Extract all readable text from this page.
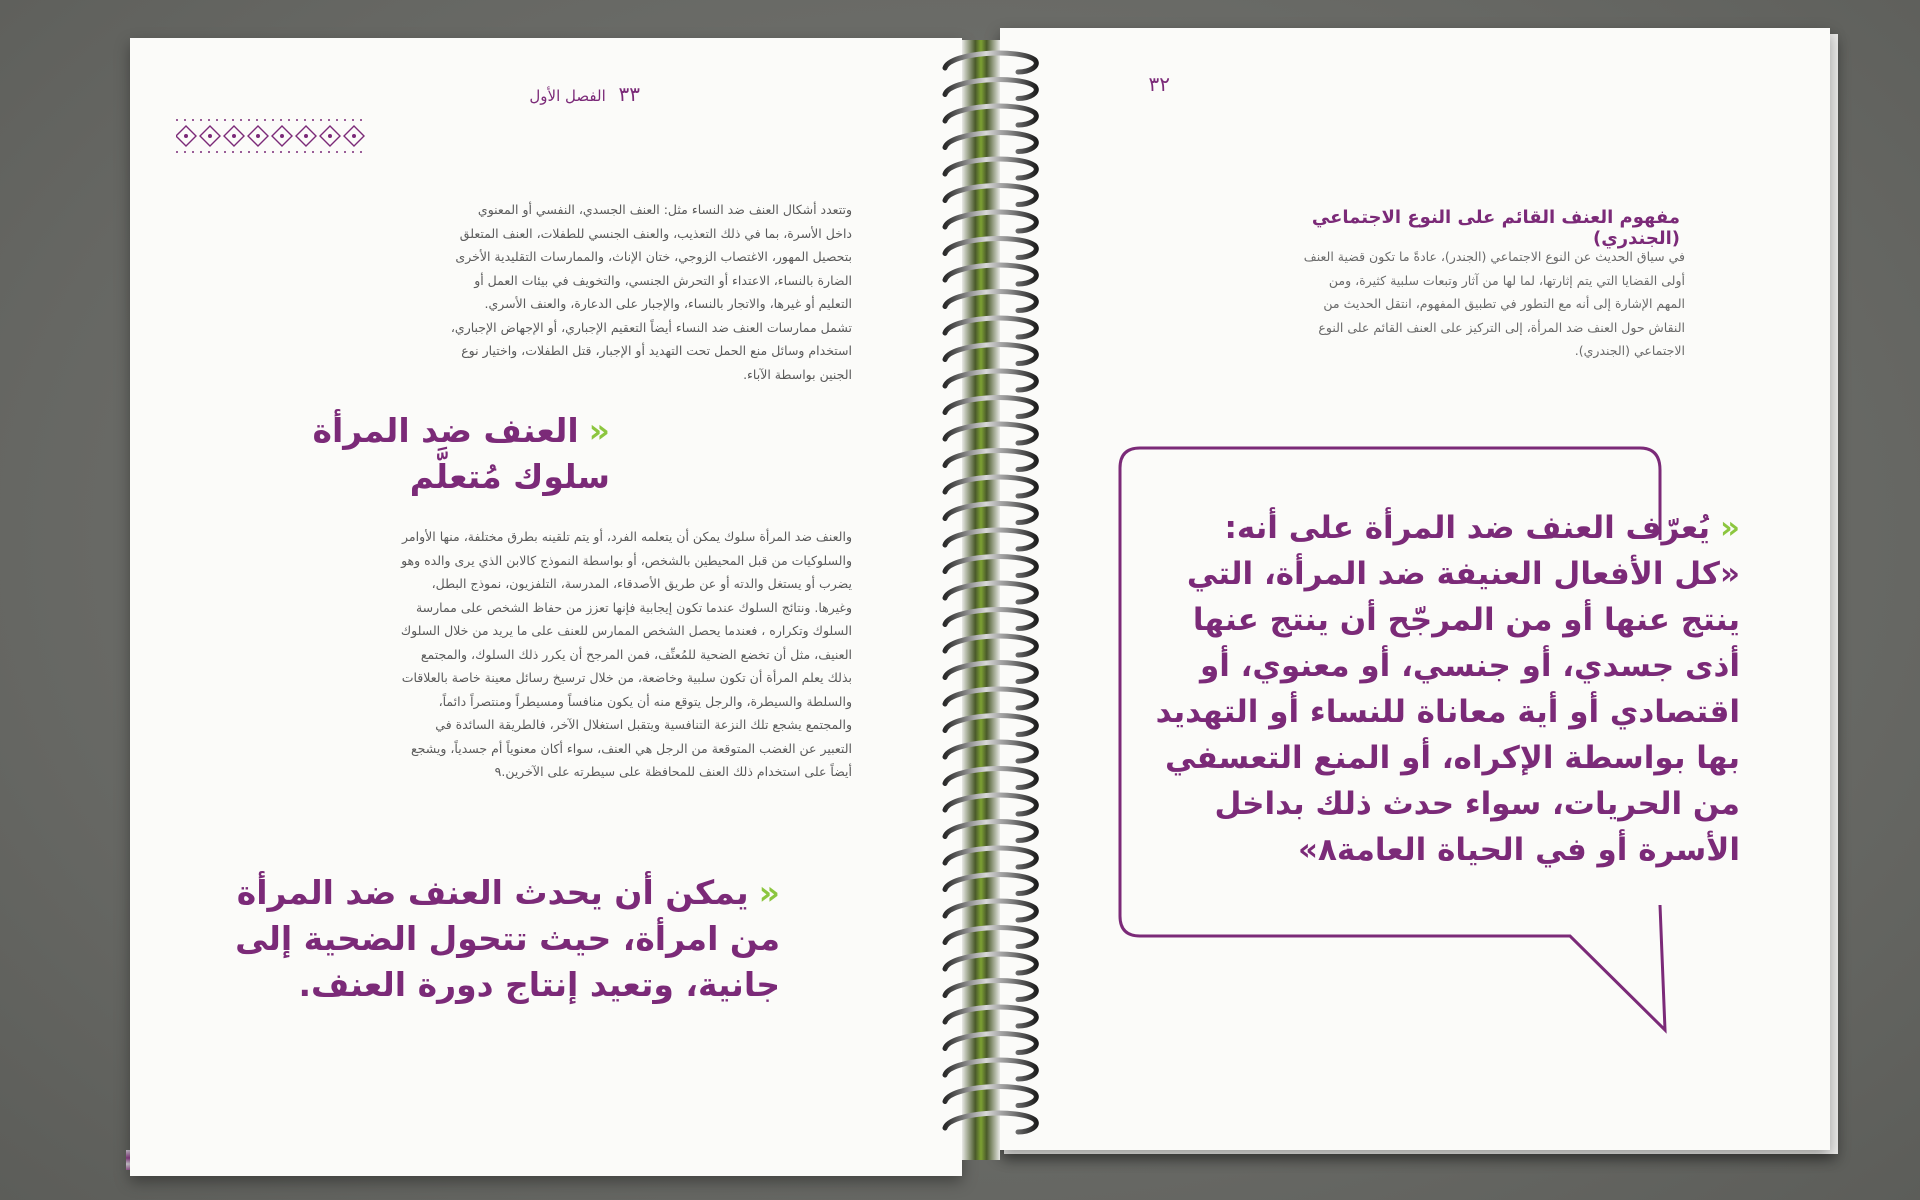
٣٣ الفصل الأول
وتتعدد أشكال العنف ضد النساء مثل: العنف الجسدي، النفسي أو المعنوي داخل الأسرة، بما في ذلك التعذيب، والعنف الجنسي للطفلات، العنف المتعلق بتحصيل المهور، الاغتصاب الزوجي، ختان الإناث، والممارسات التقليدية الأخرى الضارة بالنساء، الاعتداء أو التحرش الجنسي، والتخويف في بيئات العمل أو التعليم أو غيرها، والاتجار بالنساء، والإجبار على الدعارة، والعنف الأسري. تشمل ممارسات العنف ضد النساء أيضاً التعقيم الإجباري، أو الإجهاض الإجباري، استخدام وسائل منع الحمل تحت التهديد أو الإجبار، قتل الطفلات، واختيار نوع الجنين بواسطة الآباء.
«العنف ضد المرأة
سلوك مُتعلَّم
والعنف ضد المرأة سلوك يمكن أن يتعلمه الفرد، أو يتم تلقينه بطرق مختلفة، منها الأوامر والسلوكيات من قبل المحيطين بالشخص، أو بواسطة النموذج كالابن الذي يرى والده وهو يضرب أو يستغل والدته أو عن طريق الأصدقاء، المدرسة، التلفزيون، نموذج البطل، وغيرها. ونتائج السلوك عندما تكون إيجابية فإنها تعزز من حفاظ الشخص على ممارسة السلوك وتكراره ، فعندما يحصل الشخص الممارس للعنف على ما يريد من خلال السلوك العنيف، مثل أن تخضع الضحية للمُعنِّف، فمن المرجح أن يكرر ذلك السلوك، والمجتمع بذلك يعلم المرأة أن تكون سلبية وخاضعة، من خلال ترسيخ رسائل معينة خاصة بالعلاقات والسلطة والسيطرة، والرجل يتوقع منه أن يكون منافساً ومسيطراً ومنتصراً دائماً، والمجتمع يشجع تلك النزعة التنافسية ويتقبل استغلال الآخر، فالطريقة السائدة في التعبير عن الغضب المتوقعة من الرجل هي العنف، سواء أكان معنوياً أم جسدياً، ويشجع أيضاً على استخدام ذلك العنف للمحافظة على سيطرته على الآخرين.٩
«يمكن أن يحدث العنف ضد المرأة من امرأة، حيث تتحول الضحية إلى جانية، وتعيد إنتاج دورة العنف.
٣٢
مفهوم العنف القائم على النوع الاجتماعي (الجندري)
في سياق الحديث عن النوع الاجتماعي (الجندر)، عادةً ما تكون قضية العنف أولى القضايا التي يتم إثارتها، لما لها من آثار وتبعات سلبية كثيرة، ومن المهم الإشارة إلى أنه مع التطور في تطبيق المفهوم، انتقل الحديث من النقاش حول العنف ضد المرأة، إلى التركيز على العنف القائم على النوع الاجتماعي (الجندري).
«يُعرّف العنف ضد المرأة على أنه:
«كل الأفعال العنيفة ضد المرأة، التي ينتج عنها أو من المرجّح أن ينتج عنها أذى جسدي، أو جنسي، أو معنوي، أو اقتصادي أو أية معاناة للنساء أو التهديد بها بواسطة الإكراه، أو المنع التعسفي من الحريات، سواء حدث ذلك بداخل الأسرة أو في الحياة العامة٨»
